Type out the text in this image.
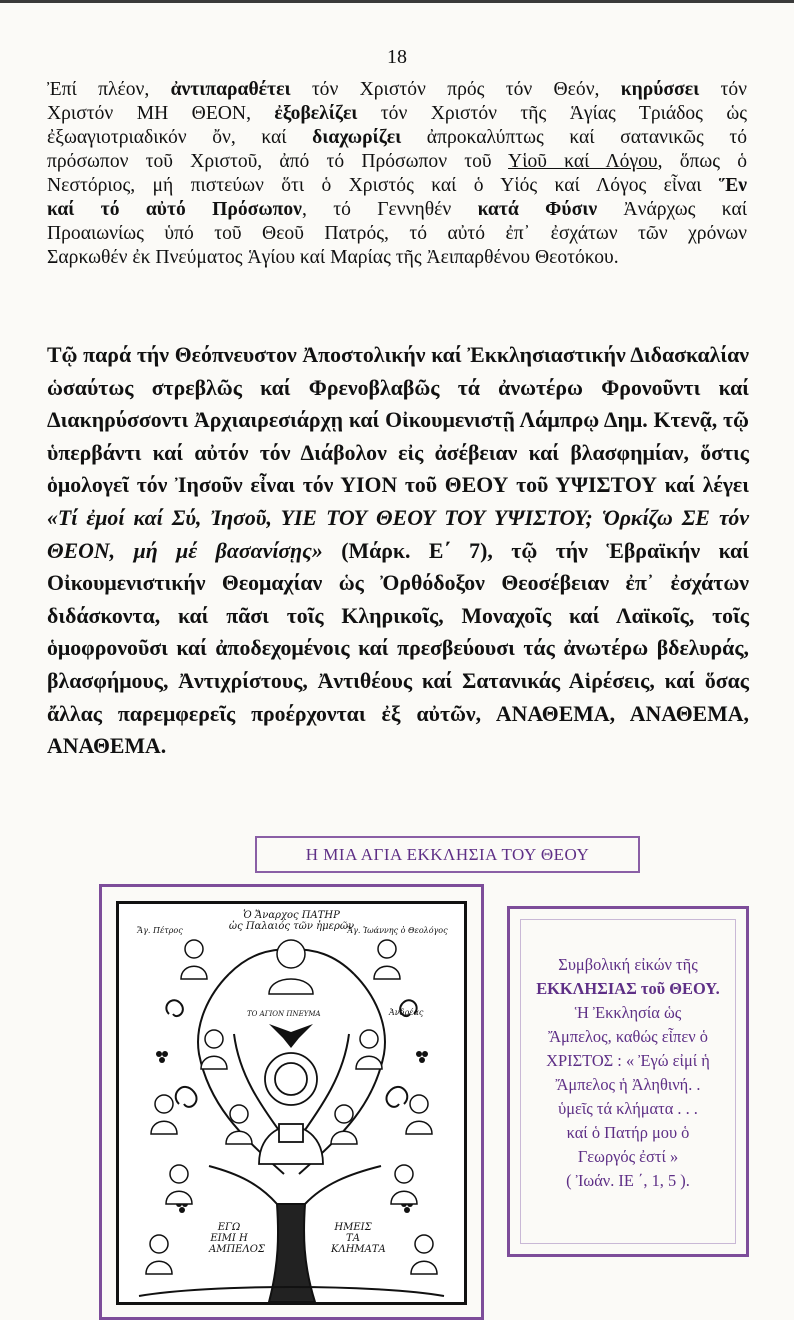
18
Ἐπί πλέον, ἀντιπαραθέτει τόν Χριστόν πρός τόν Θεόν, κηρύσσει τόν
Χριστόν ΜΗ ΘΕΟΝ, ἐξοβελίζει τόν Χριστόν τῆς Ἁγίας Τριάδος ὡς
ἐξωαγιοτριαδικόν ὄν, καί διαχωρίζει ἀπροκαλύπτως καί σατανικῶς τό
πρόσωπον τοῦ Χριστοῦ, ἀπό τό Πρόσωπον τοῦ Υἱοῦ καί Λόγου, ὅπως ὁ
Νεστόριος, μή πιστεύων ὅτι ὁ Χριστός καί ὁ Υἱός καί Λόγος εἶναι Ἕν
καί τό αὐτό Πρόσωπον, τό Γεννηθέν κατά Φύσιν Ἀνάρχως καί
Προαιωνίως ὑπό τοῦ Θεοῦ Πατρός, τό αὐτό ἐπ᾽ ἐσχάτων τῶν χρόνων
Σαρκωθέν ἐκ Πνεύματος Ἁγίου καί Μαρίας τῆς Ἀειπαρθένου Θεοτόκου.
Τῷ παρά τήν Θεόπνευστον Ἀποστολικήν καί Ἐκκλησιαστικήν Διδασκαλίαν ὡσαύτως στρεβλῶς καί Φρενοβλαβῶς τά ἀνωτέρω Φρονοῦντι καί Διακηρύσσοντι Ἀρχιαιρεσιάρχῃ καί Οἰκουμενιστῇ Λάμπρῳ Δημ. Κτενᾷ, τῷ ὑπερβάντι καί αὐτόν τόν Διάβολον εἰς ἀσέβειαν καί βλασφημίαν, ὅστις ὁμολογεῖ τόν Ἰησοῦν εἶναι τόν ΥΙΟΝ τοῦ ΘΕΟΥ τοῦ ΥΨΙΣΤΟΥ καί λέγει «Τί ἐμοί καί Σύ, Ἰησοῦ, ΥΙΕ ΤΟΥ ΘΕΟΥ ΤΟΥ ΥΨΙΣΤΟΥ; Ὁρκίζω ΣΕ τόν ΘΕΟΝ, μή μέ βασανίσῃς» (Μάρκ. Ε΄ 7), τῷ τήν Ἑβραϊκήν καί Οἰκουμενιστικήν Θεομαχίαν ὡς Ὀρθόδοξον Θεοσέβειαν ἐπ᾽ ἐσχάτων διδάσκοντα, καί πᾶσι τοῖς Κληρικοῖς, Μοναχοῖς καί Λαϊκοῖς, τοῖς ὁμοφρονοῦσι καί ἀποδεχομένοις καί πρεσβεύουσι τάς ἀνωτέρω βδελυράς, βλασφήμους, Ἀντιχρίστους, Ἀντιθέους καί Σατανικάς Αἱρέσεις, καί ὅσας ἄλλας παρεμφερεῖς προέρχονται ἐξ αὐτῶν, ΑΝΑΘΕΜΑ, ΑΝΑΘΕΜΑ, ΑΝΑΘΕΜΑ.
Η ΜΙΑ ΑΓΙΑ ΕΚΚΛΗΣΙΑ ΤΟΥ ΘΕΟΥ
Ὁ Ἄναρχος ΠΑΤΗΡ
ὡς Παλαιός τῶν ἡμερῶν
Ἅγ. Πέτρος	Ἅγ. Ἰωάννης ὁ Θεολόγος
ΤΟ ΑΓΙΟΝ ΠΝΕΥΜΑ	Ἀνδρέας
ΕΓΩ ΕΙΜΙ Η ΑΜΠΕΛΟΣ
ΗΜΕΙΣ ΤΑ ΚΛΗΜΑΤΑ
Συμβολική εἰκών τῆς
ΕΚΚΛΗΣΙΑΣ τοῦ ΘΕΟΥ.
Ἡ Ἐκκλησία ὡς
Ἄμπελος, καθώς εἶπεν ὁ
ΧΡΙΣΤΟΣ : « Ἐγώ εἰμί ἡ
Ἄμπελος ἡ Ἀληθινή. .
ὑμεῖς τά κλήματα . . .
καί ὁ Πατήρ μου ὁ
Γεωργός ἐστί »
( Ἰωάν. ΙΕ ΄, 1, 5 ).
